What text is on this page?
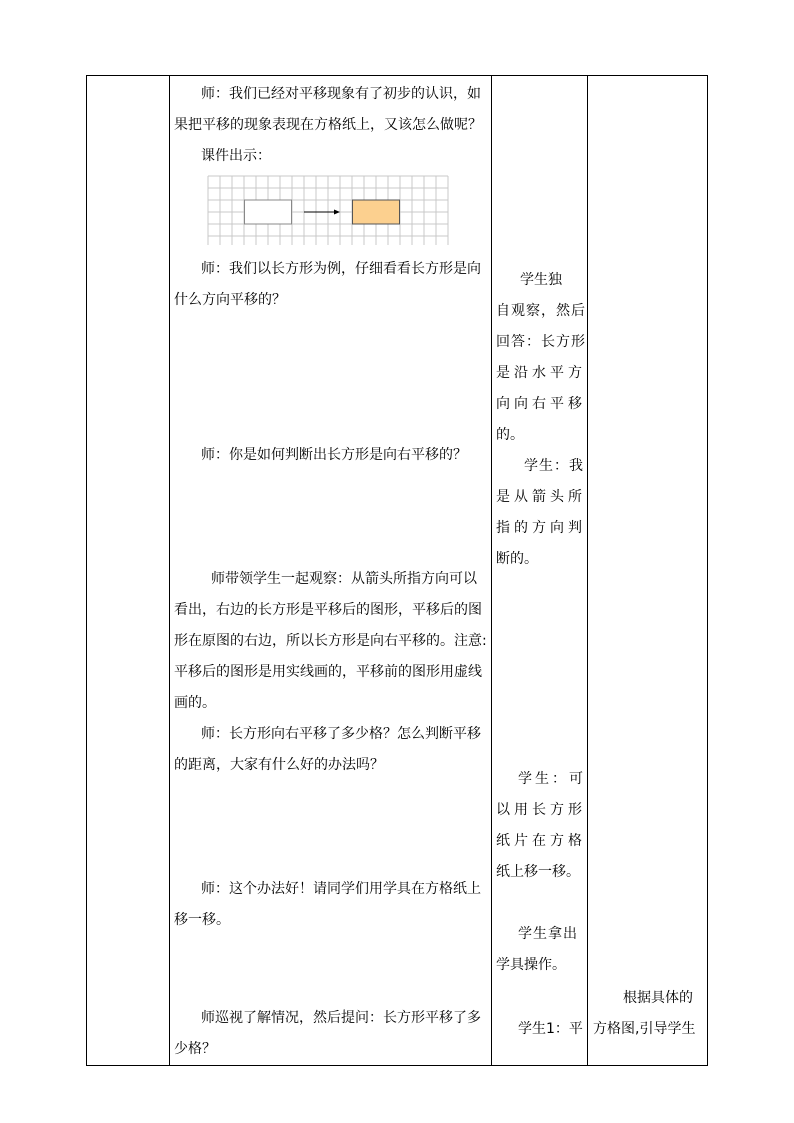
师：我们已经对平移现象有了初步的认识，如
果把平移的现象表现在方格纸上，又该怎么做呢？
课件出示：
师：我们以长方形为例，仔细看看长方形是向
什么方向平移的？
师：你是如何判断出长方形是向右平移的？
师带领学生一起观察：从箭头所指方向可以
看出，右边的长方形是平移后的图形，平移后的图
形在原图的右边，所以长方形是向右平移的。注意:
平移后的图形是用实线画的，平移前的图形用虚线
画的。
师：长方形向右平移了多少格？怎么判断平移
的距离，大家有什么好的办法吗？
师：这个办法好！请同学们用学具在方格纸上
移一移。
师巡视了解情况，然后提问：长方形平移了多
少格？
学生独
自观察，然后
回答：长方形
是沿水平方
向向右平移
的。
学生：我
是从箭头所
指的方向判
断的。
学生：可
以用长方形
纸片在方格
纸上移一移。
学生拿出
学具操作。
学生1：平
根据具体的
方格图,引导学生
